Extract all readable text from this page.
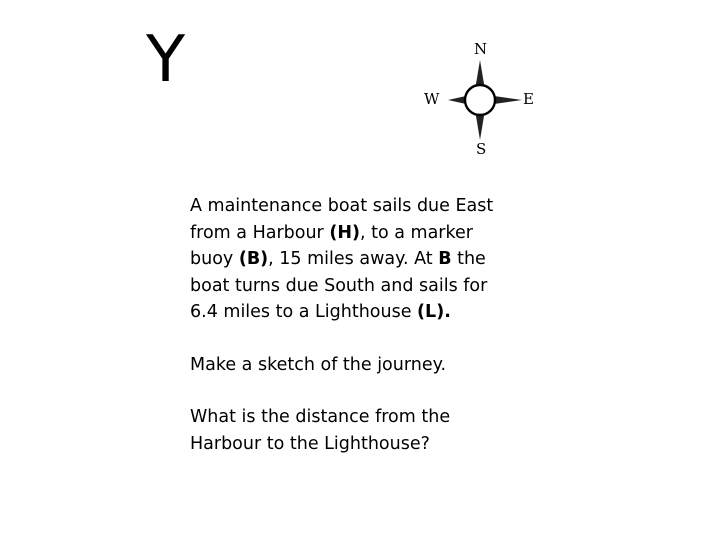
Y	N
S
W	E

A maintenance boat sails due East
from a Harbour (H), to a marker
buoy (B), 15 miles away. At B the
boat turns due South and sails for
6.4 miles to a Lighthouse (L).

Make a sketch of the journey.

What is the distance from the
Harbour to the Lighthouse?
